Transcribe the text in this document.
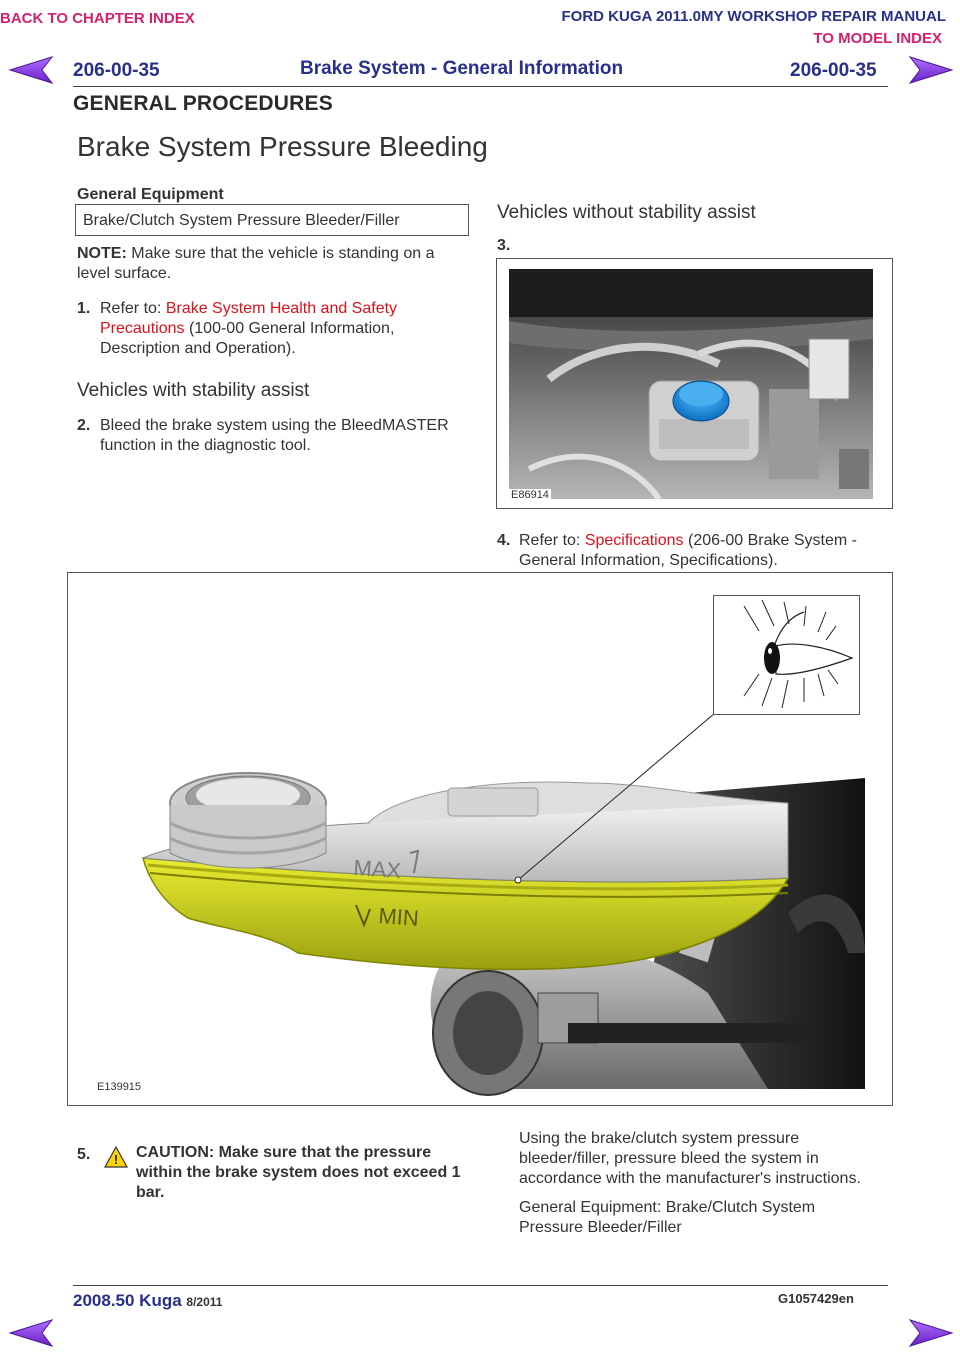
BACK TO CHAPTER INDEX	FORD KUGA 2011.0MY WORKSHOP REPAIR MANUAL
TO MODEL INDEX
206-00-35	Brake System - General Information	206-00-35
GENERAL PROCEDURES
Brake System Pressure Bleeding
General Equipment
Brake/Clutch System Pressure Bleeder/Filler
NOTE: Make sure that the vehicle is standing on a level surface.
1. Refer to: Brake System Health and Safety Precautions (100-00 General Information, Description and Operation).
Vehicles with stability assist
2. Bleed the brake system using the BleedMASTER function in the diagnostic tool.
Vehicles without stability assist
3.
E86914
4. Refer to: Specifications (206-00 Brake System - General Information, Specifications).
MAX
MIN
E139915
5. ! CAUTION: Make sure that the pressure within the brake system does not exceed 1 bar.
Using the brake/clutch system pressure bleeder/filler, pressure bleed the system in accordance with the manufacturer's instructions.
General Equipment: Brake/Clutch System Pressure Bleeder/Filler
2008.50 Kuga 8/2011	G1057429en
